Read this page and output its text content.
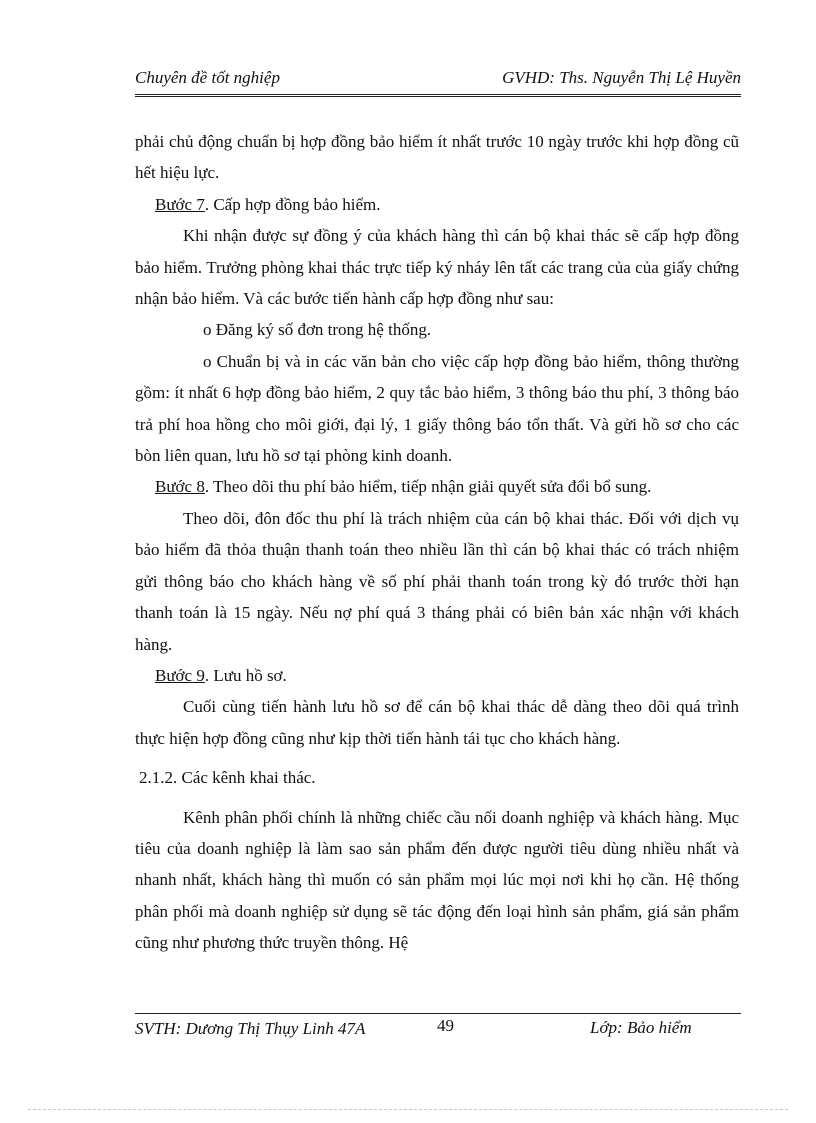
Chuyên đề tốt nghiệp	GVHD: Ths. Nguyễn Thị Lệ Huyền

phải chủ động chuẩn bị hợp đồng bảo hiểm ít nhất trước 10 ngày trước khi hợp đồng cũ hết hiệu lực.

Bước 7. Cấp hợp đồng bảo hiểm.

Khi nhận được sự đồng ý của khách hàng thì cán bộ khai thác sẽ cấp hợp đồng bảo hiểm. Trưởng phòng khai thác trực tiếp ký nháy lên tất các trang của của giấy chứng nhận bảo hiểm. Và các bước tiến hành cấp hợp đồng như sau:

o Đăng ký số đơn trong hệ thống.

o Chuẩn bị và in các văn bản cho việc cấp hợp đồng bảo hiểm, thông thường gồm: ít nhất 6 hợp đồng bảo hiểm, 2 quy tắc bảo hiểm, 3 thông báo thu phí, 3 thông báo trả phí hoa hồng cho môi giới, đại lý, 1 giấy thông báo tổn thất. Và gửi hồ sơ cho các bòn liên quan, lưu hồ sơ tại phòng kinh doanh.

Bước 8. Theo dõi thu phí bảo hiểm, tiếp nhận giải quyết sửa đổi bổ sung.

Theo dõi, đôn đốc thu phí là trách nhiệm của cán bộ khai thác. Đối với dịch vụ bảo hiểm đã thỏa thuận thanh toán theo nhiều lần thì cán bộ khai thác có trách nhiệm gửi thông báo cho khách hàng về số phí phải thanh toán trong kỳ đó trước thời hạn thanh toán là 15 ngày. Nếu nợ phí quá 3 tháng phải có biên bản xác nhận với khách hàng.

Bước 9. Lưu hồ sơ.

Cuối cùng tiến hành lưu hồ sơ để cán bộ khai thác dễ dàng theo dõi quá trình thực hiện hợp đồng cũng như kịp thời tiến hành tái tục cho khách hàng.

2.1.2. Các kênh khai thác.

Kênh phân phối chính là những chiếc cầu nối doanh nghiệp và khách hàng. Mục tiêu của doanh nghiệp là làm sao sản phẩm đến được người tiêu dùng nhiều nhất và nhanh nhất, khách hàng thì muốn có sản phẩm mọi lúc mọi nơi khi họ cần. Hệ thống phân phối mà doanh nghiệp sử dụng sẽ tác động đến loại hình sản phẩm, giá sản phẩm cũng như phương thức truyền thông. Hệ

SVTH: Dương Thị Thụy Linh 47A	49	Lớp: Bảo hiểm
